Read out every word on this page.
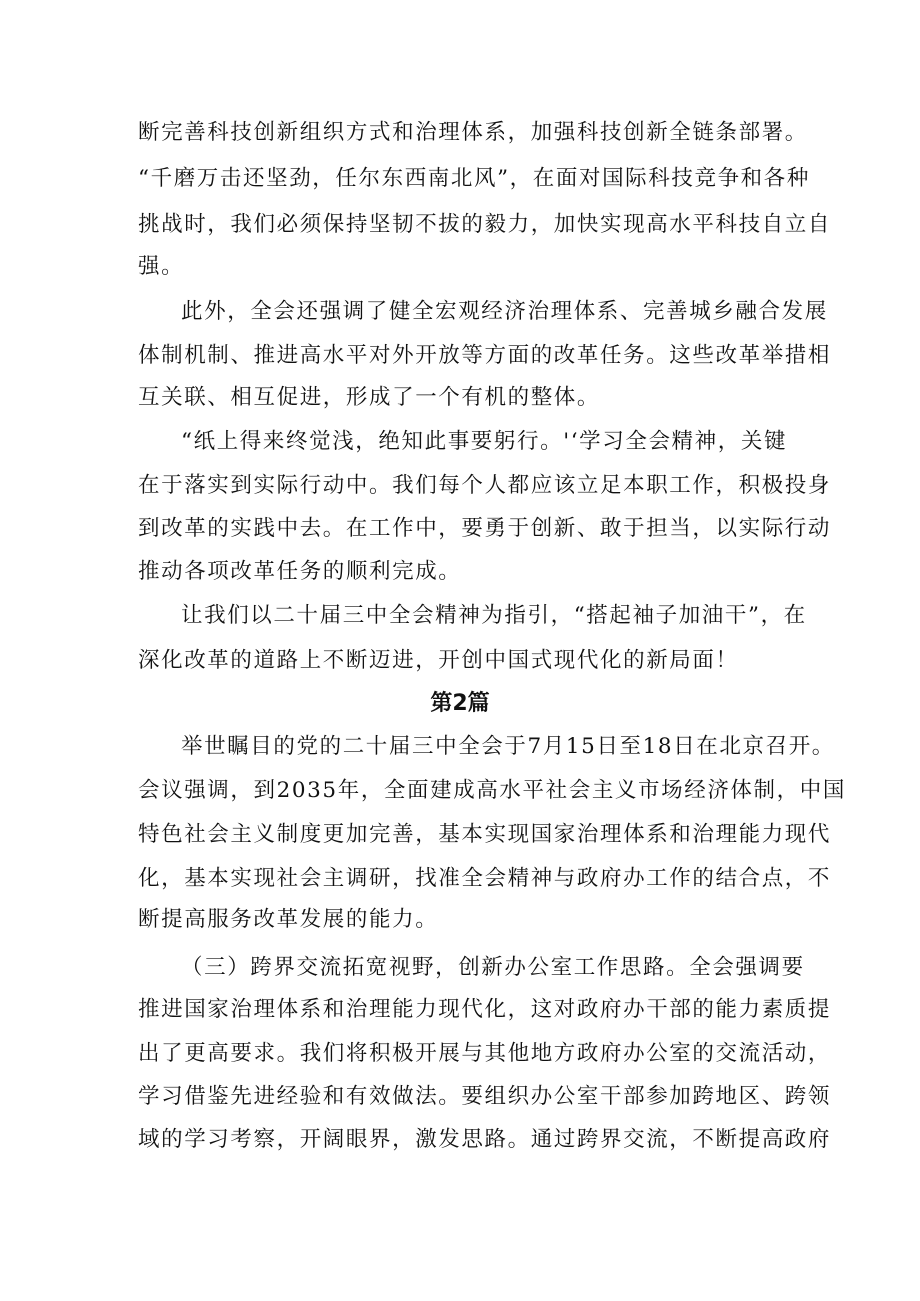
断完善科技创新组织方式和治理体系，加强科技创新全链条部署。
“千磨万击还坚劲，任尔东西南北风”，在面对国际科技竞争和各种
挑战时，我们必须保持坚韧不拔的毅力，加快实现高水平科技自立自
强。
此外，全会还强调了健全宏观经济治理体系、完善城乡融合发展
体制机制、推进高水平对外开放等方面的改革任务。这些改革举措相
互关联、相互促进，形成了一个有机的整体。
“纸上得来终觉浅，绝知此事要躬行。'‘学习全会精神，关键
在于落实到实际行动中。我们每个人都应该立足本职工作，积极投身
到改革的实践中去。在工作中，要勇于创新、敢于担当，以实际行动
推动各项改革任务的顺利完成。
让我们以二十届三中全会精神为指引，“搭起袖子加油干”，在
深化改革的道路上不断迈进，开创中国式现代化的新局面！
第2篇
举世瞩目的党的二十届三中全会于7月15日至18日在北京召开。
会议强调，到2035年，全面建成高水平社会主义市场经济体制，中国
特色社会主义制度更加完善，基本实现国家治理体系和治理能力现代
化，基本实现社会主调研，找准全会精神与政府办工作的结合点，不
断提高服务改革发展的能力。
（三）跨界交流拓宽视野，创新办公室工作思路。全会强调要
推进国家治理体系和治理能力现代化，这对政府办干部的能力素质提
出了更高要求。我们将积极开展与其他地方政府办公室的交流活动，
学习借鉴先进经验和有效做法。要组织办公室干部参加跨地区、跨领
域的学习考察，开阔眼界，激发思路。通过跨界交流，不断提高政府
